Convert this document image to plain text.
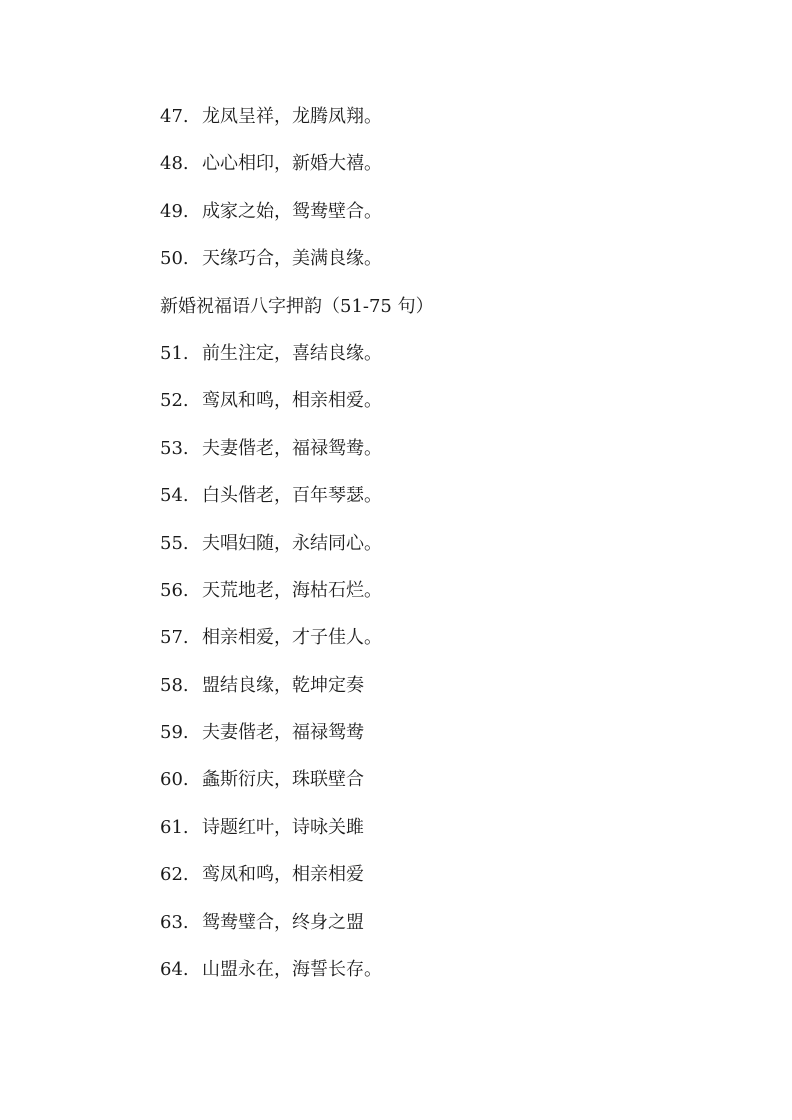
47. 龙凤呈祥，龙腾凤翔。
48. 心心相印，新婚大禧。
49. 成家之始，鸳鸯壁合。
50. 天缘巧合，美满良缘。
新婚祝福语八字押韵（51-75 句）
51. 前生注定，喜结良缘。
52. 鸾凤和鸣，相亲相爱。
53. 夫妻偕老，福禄鸳鸯。
54. 白头偕老，百年琴瑟。
55. 夫唱妇随，永结同心。
56. 天荒地老，海枯石烂。
57. 相亲相爱，才子佳人。
58. 盟结良缘，乾坤定奏
59. 夫妻偕老，福禄鸳鸯
60. 螽斯衍庆，珠联壁合
61. 诗题红叶，诗咏关雎
62. 鸾凤和鸣，相亲相爱
63. 鸳鸯璧合，终身之盟
64. 山盟永在，海誓长存。
